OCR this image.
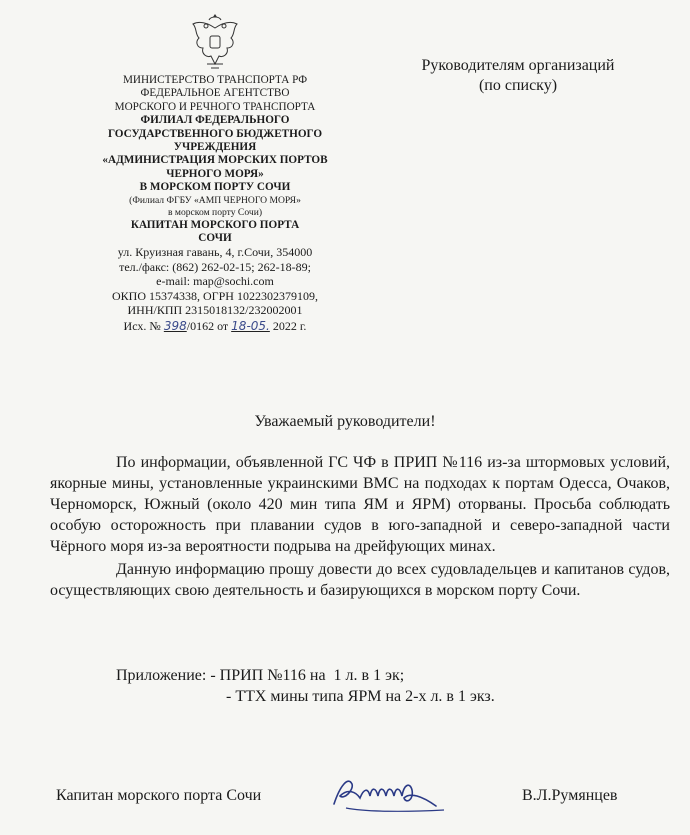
МИНИСТЕРСТВО ТРАНСПОРТА РФ
ФЕДЕРАЛЬНОЕ АГЕНТСТВО
МОРСКОГО И РЕЧНОГО ТРАНСПОРТА
ФИЛИАЛ ФЕДЕРАЛЬНОГО
ГОСУДАРСТВЕННОГО БЮДЖЕТНОГО
УЧРЕЖДЕНИЯ
«АДМИНИСТРАЦИЯ МОРСКИХ ПОРТОВ
ЧЕРНОГО МОРЯ»
В МОРСКОМ ПОРТУ СОЧИ
(Филиал ФГБУ «АМП ЧЕРНОГО МОРЯ»
в морском порту Сочи)
КАПИТАН МОРСКОГО ПОРТА
СОЧИ
ул. Круизная гавань, 4, г.Сочи, 354000
тел./факс: (862) 262-02-15; 262-18-89;
e-mail: map@sochi.com
ОКПО 15374338, ОГРН 1022302379109,
ИНН/КПП 2315018132/232002001
Исх. № 398/0162 от 18-05. 2022 г.
Руководителям организаций
(по списку)
Уважаемый руководители!

По информации, объявленной ГС ЧФ в ПРИП №116 из-за штормовых условий, якорные мины, установленные украинскими ВМС на подходах к портам Одесса, Очаков, Черноморск, Южный (около 420 мин типа ЯМ и ЯРМ) оторваны. Просьба соблюдать особую осторожность при плавании судов в юго-западной и северо-западной части Чёрного моря из-за вероятности подрыва на дрейфующих минах.

Данную информацию прошу довести до всех судовладельцев и капитанов судов, осуществляющих свою деятельность и базирующихся в морском порту Сочи.

Приложение: - ПРИП №116 на  1 л. в 1 эк;
- ТТХ мины типа ЯРМ на 2-х л. в 1 экз.
Капитан морского порта Сочи	В.Л.Румянцев
